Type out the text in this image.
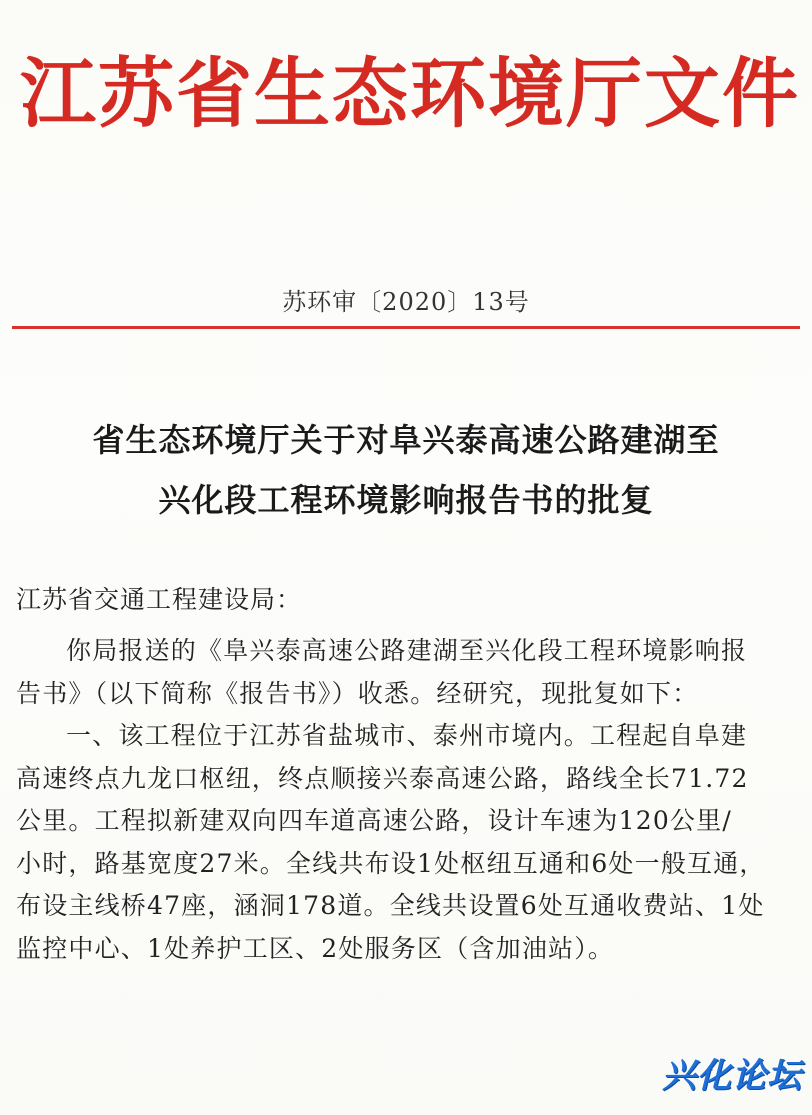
江苏省生态环境厅文件
苏环审〔2020〕13号
省生态环境厅关于对阜兴泰高速公路建湖至
兴化段工程环境影响报告书的批复
江苏省交通工程建设局：
你局报送的《阜兴泰高速公路建湖至兴化段工程环境影响报
告书》（以下简称《报告书》）收悉。经研究，现批复如下：
一、该工程位于江苏省盐城市、泰州市境内。工程起自阜建
高速终点九龙口枢纽，终点顺接兴泰高速公路，路线全长71.72
公里。工程拟新建双向四车道高速公路，设计车速为120公里/
小时，路基宽度27米。全线共布设1处枢纽互通和6处一般互通，
布设主线桥47座，涵洞178道。全线共设置6处互通收费站、1处
监控中心、1处养护工区、2处服务区（含加油站）。
兴化论坛
